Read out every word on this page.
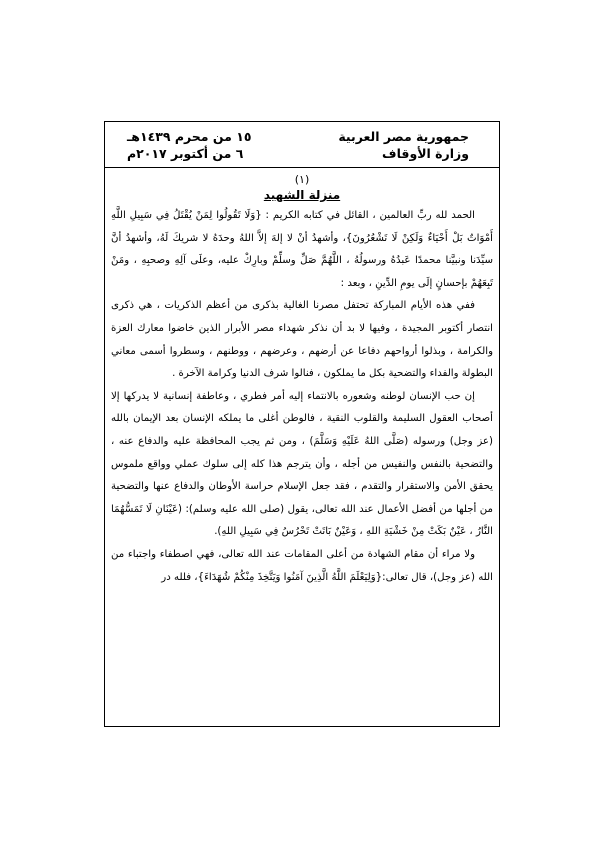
جمهورية مصر العربية
وزارة الأوقاف
١٥ من محرم ١٤٣٩هـ
٦ من أكتوبر ٢٠١٧م
(١)
منزلة الشهيد

الحمد لله ربِّ العالمين ، القائل في كتابه الكريم : {وَلَا تَقُولُوا لِمَنْ يُقْتَلُ فِي سَبِيلِ اللَّهِ أَمْوَاتٌ بَلْ أَحْيَاءٌ وَلَكِنْ لَا تَشْعُرُونَ}، وأشهدُ أنْ لا إلهَ إلاَّ اللهُ وحدَهُ لا شريكَ لَهُ، وأشهدُ أنَّ سيِّدَنا ونبيَّنا محمدًا عَبدُهُ ورسولُهُ ، اللَّهُمَّ صَلِّ وسلِّمْ وبارِكْ عليه، وعلَى آلِهِ وصحبِهِ ، ومَنْ تَبِعَهُمْ بإحسانٍ إلَى يومِ الدِّينِ ، وبعد :

ففي هذه الأيام المباركة تحتفل مصرنا الغالية بذكرى من أعظم الذكريات ، هي ذكرى انتصار أكتوبر المجيدة ، وفيها لا بد أن نذكر شهداء مصر الأبرار الذين خاضوا معارك العزة والكرامة ، وبذلوا أرواحهم دفاعا عن أرضهم ، وعرضهم ، ووطنهم ، وسطروا أسمى معاني البطولة والفداء والتضحية بكل ما يملكون ، فنالوا شرف الدنيا وكرامة الآخرة .

إن حب الإنسان لوطنه وشعوره بالانتماء إليه أمر فطري ، وعاطفة إنسانية لا يدركها إلا أصحاب العقول السليمة والقلوب النقية ، فالوطن أغلى ما يملكه الإنسان بعد الإيمان بالله (عز وجل) ورسوله (صَلَّى اللهُ عَلَيْهِ وَسَلَّمَ) ، ومن ثم يجب المحافظة عليه والدفاع عنه ، والتضحية بالنفس والنفيس من أجله ، وأن يترجم هذا كله إلى سلوك عملي وواقع ملموس يحقق الأمن والاستقرار والتقدم ، فقد جعل الإسلام حراسة الأوطان والدفاع عنها والتضحية من أجلها من أفضل الأعمال عند الله تعالى، يقول (صلى الله عليه وسلم): (عَيْنَانِ لَا تَمَسُّهُمَا النَّارُ ، عَيْنٌ بَكَتْ مِنْ خَشْيَةِ اللهِ ، وَعَيْنٌ بَاتَتْ تَحْرُسُ فِي سَبِيلِ اللهِ).

ولا مراء أن مقام الشهادة من أعلى المقامات عند الله تعالى، فهي اصطفاء واجتباء من الله (عز وجل)، قال تعالى:{وَلِيَعْلَمَ اللَّهُ الَّذِينَ آمَنُوا وَيَتَّخِذَ مِنْكُمْ شُهَدَاءَ}، فلله در
